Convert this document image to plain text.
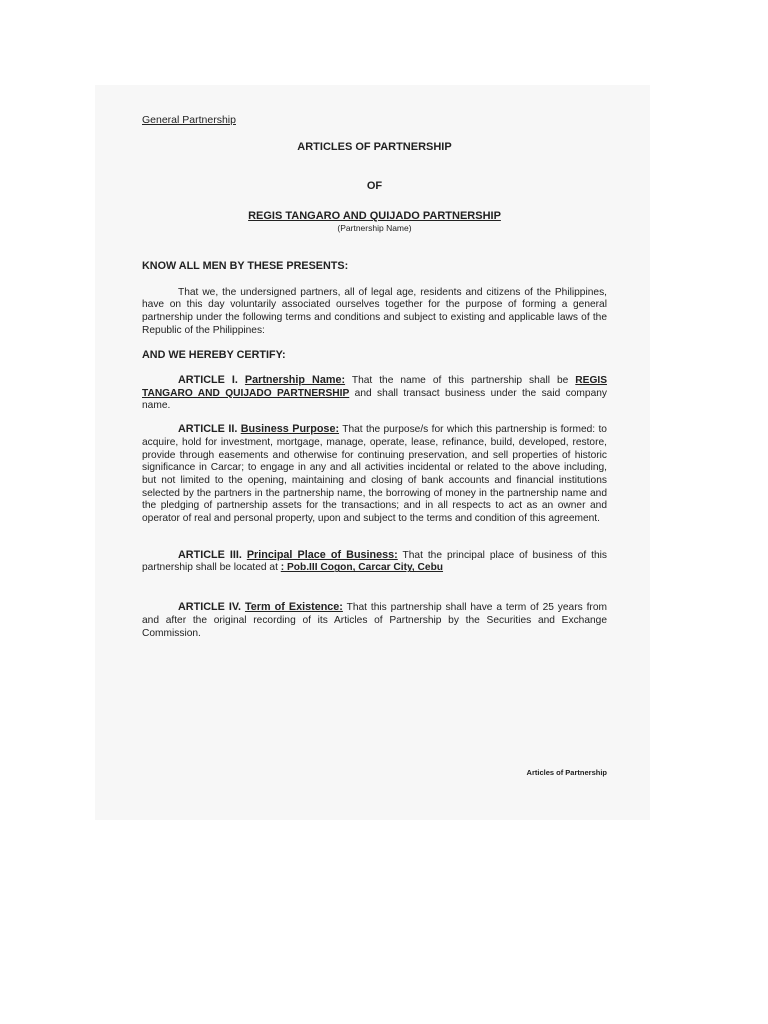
General Partnership

ARTICLES OF PARTNERSHIP

OF

REGIS TANGARO AND QUIJADO PARTNERSHIP

(Partnership Name)

KNOW ALL MEN BY THESE PRESENTS:

That we, the undersigned partners, all of legal age, residents and citizens of the Philippines, have on this day voluntarily associated ourselves together for the purpose of forming a general partnership under the following terms and conditions and subject to existing and applicable laws of the Republic of the Philippines:

AND WE HEREBY CERTIFY:

ARTICLE I. Partnership Name: That the name of this partnership shall be REGIS TANGARO AND QUIJADO PARTNERSHIP and shall transact business under the said company name.

ARTICLE II. Business Purpose: That the purpose/s for which this partnership is formed: to acquire, hold for investment, mortgage, manage, operate, lease, refinance, build, developed, restore, provide through easements and otherwise for continuing preservation, and sell properties of historic significance in Carcar; to engage in any and all activities incidental or related to the above including, but not limited to the opening, maintaining and closing of bank accounts and financial institutions selected by the partners in the partnership name, the borrowing of money in the partnership name and the pledging of partnership assets for the transactions; and in all respects to act as an owner and operator of real and personal property, upon and subject to the terms and condition of this agreement.

ARTICLE III. Principal Place of Business: That the principal place of business of this partnership shall be located at : Pob.III Cogon, Carcar City, Cebu

ARTICLE IV. Term of Existence: That this partnership shall have a term of 25 years from and after the original recording of its Articles of Partnership by the Securities and Exchange Commission.

Articles of Partnership
